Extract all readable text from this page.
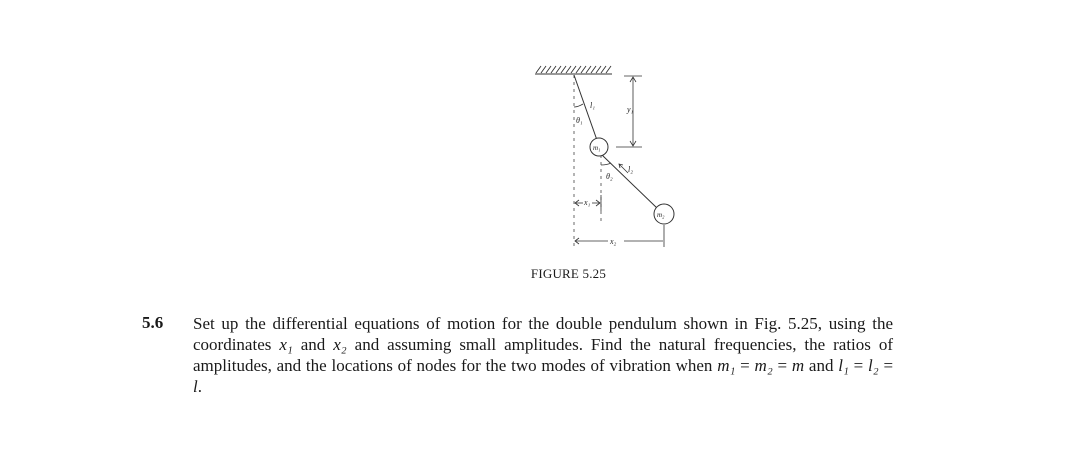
l₁	y₁
θ₁
m₁
l₂
θ₂
x₁
m₂
x₂
FIGURE 5.25
5.6 Set up the differential equations of motion for the double pendulum shown in Fig. 5.25, using the coordinates x₁ and x₂ and assuming small amplitudes. Find the natural frequencies, the ratios of amplitudes, and the locations of nodes for the two modes of vibration when m₁ = m₂ = m and l₁ = l₂ = l.
